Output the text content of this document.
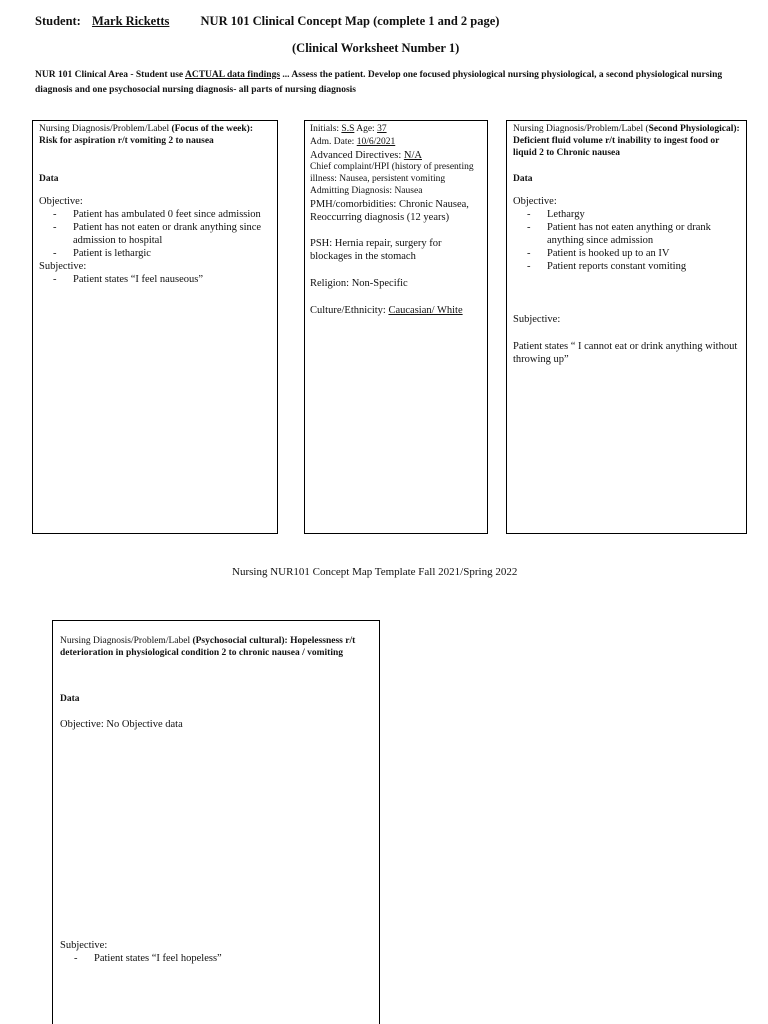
Student: Mark Ricketts NUR 101 Clinical Concept Map (complete 1 and 2 page)
(Clinical Worksheet Number 1)
NUR 101 Clinical Area - Student use ACTUAL data findings ... Assess the patient. Develop one focused physiological nursing physiological, a second physiological nursing diagnosis and one psychosocial nursing diagnosis- all parts of nursing diagnosis
Nursing Diagnosis/Problem/Label (Focus of the week): Risk for aspiration r/t vomiting 2 to nausea
Data
Objective:
- Patient has ambulated 0 feet since admission
- Patient has not eaten or drank anything since admission to hospital
- Patient is lethargic
Subjective:
- Patient states “I feel nauseous”
Initials: S.S Age: 37
Adm. Date: 10/6/2021
Advanced Directives: N/A
Chief complaint/HPI (history of presenting illness: Nausea, persistent vomiting
Admitting Diagnosis: Nausea
PMH/comorbidities: Chronic Nausea, Reoccurring diagnosis (12 years)
PSH: Hernia repair, surgery for blockages in the stomach
Religion: Non-Specific
Culture/Ethnicity: Caucasian/ White
Nursing Diagnosis/Problem/Label (Second Physiological): Deficient fluid volume r/t inability to ingest food or liquid 2 to Chronic nausea
Data
Objective:
- Lethargy
- Patient has not eaten anything or drank anything since admission
- Patient is hooked up to an IV
- Patient reports constant vomiting
Subjective:
Patient states “ I cannot eat or drink anything without throwing up”
Nursing NUR101 Concept Map Template Fall 2021/Spring 2022
Nursing Diagnosis/Problem/Label (Psychosocial cultural): Hopelessness r/t deterioration in physiological condition 2 to chronic nausea / vomiting
Data
Objective: No Objective data
Subjective:
- Patient states “I feel hopeless”
